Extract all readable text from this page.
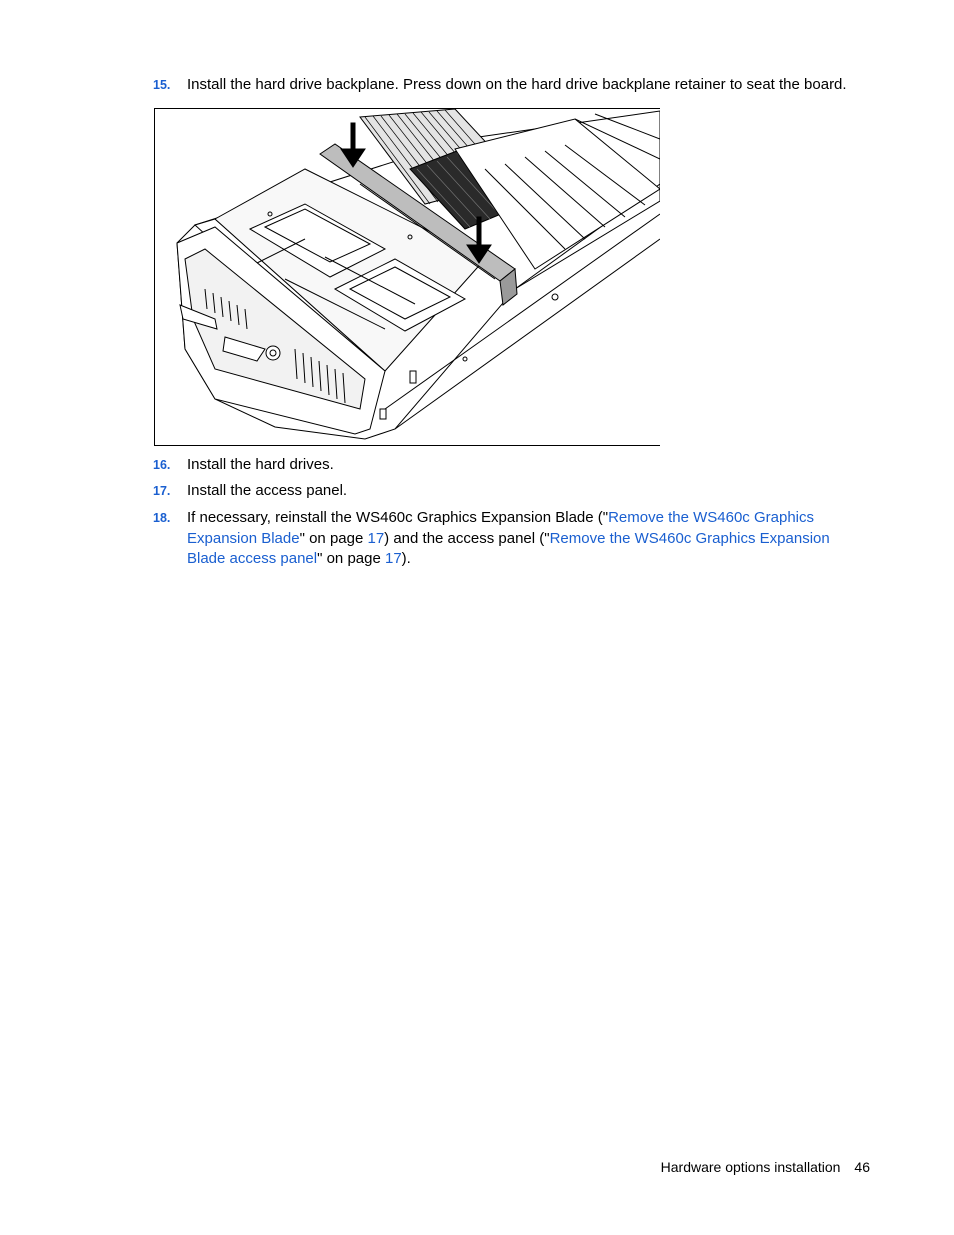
15.	Install the hard drive backplane. Press down on the hard drive backplane retainer to seat the board.
16.	Install the hard drives.
17.	Install the access panel.
18.	If necessary, reinstall the WS460c Graphics Expansion Blade ("Remove the WS460c Graphics Expansion Blade" on page 17) and the access panel ("Remove the WS460c Graphics Expansion Blade access panel" on page 17).
Hardware options installation 46
